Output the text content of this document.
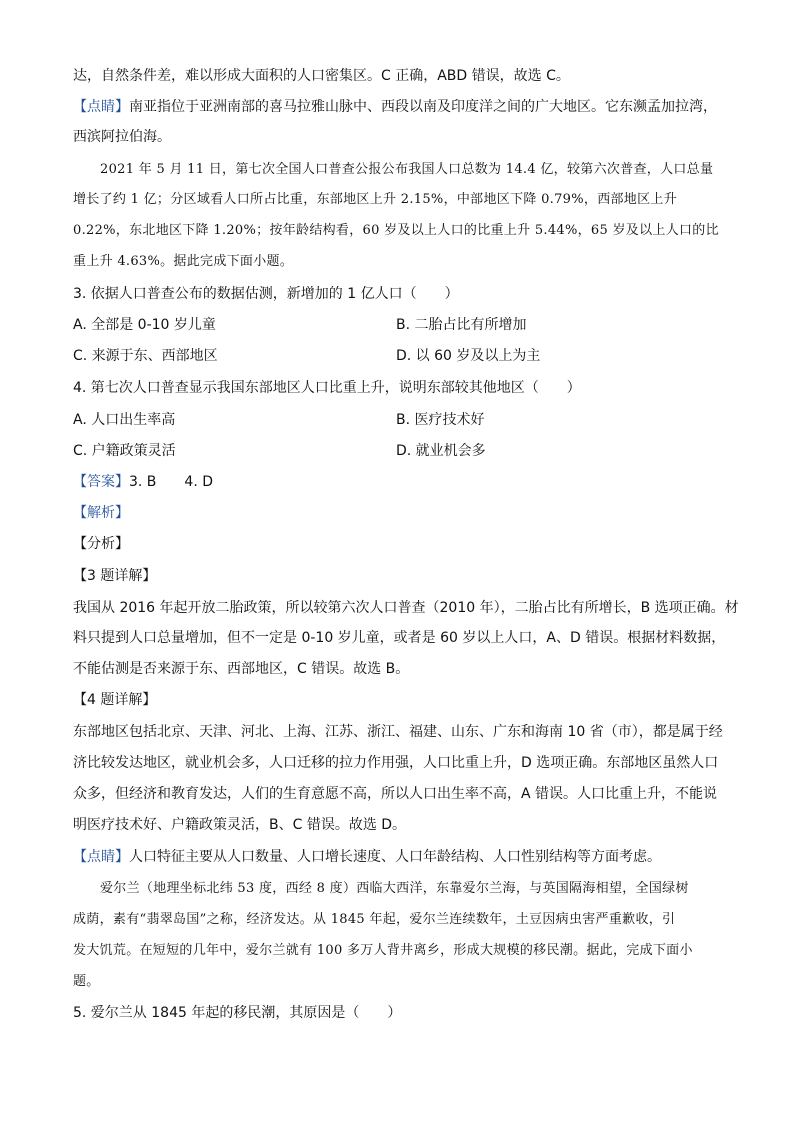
达，自然条件差，难以形成大面积的人口密集区。C 正确，ABD 错误，故选 C。
【点睛】南亚指位于亚洲南部的喜马拉雅山脉中、西段以南及印度洋之间的广大地区。它东濒孟加拉湾，
西滨阿拉伯海。
2021 年 5 月 11 日，第七次全国人口普查公报公布我国人口总数为 14.4 亿，较第六次普查，人口总量
增长了约 1 亿；分区域看人口所占比重，东部地区上升 2.15%，中部地区下降 0.79%，西部地区上升
0.22%，东北地区下降 1.20%；按年龄结构看，60 岁及以上人口的比重上升 5.44%，65 岁及以上人口的比
重上升 4.63%。据此完成下面小题。
3. 依据人口普查公布的数据估测，新增加的 1 亿人口（　　）
A. 全部是 0-10 岁儿童	B. 二胎占比有所增加
C. 来源于东、西部地区	D. 以 60 岁及以上为主
4. 第七次人口普查显示我国东部地区人口比重上升，说明东部较其他地区（　　）
A. 人口出生率高	B. 医疗技术好
C. 户籍政策灵活	D. 就业机会多
【答案】3. B　　4. D
【解析】
【分析】
【3 题详解】
我国从 2016 年起开放二胎政策，所以较第六次人口普查（2010 年），二胎占比有所增长，B 选项正确。材
料只提到人口总量增加，但不一定是 0-10 岁儿童，或者是 60 岁以上人口，A、D 错误。根据材料数据，
不能估测是否来源于东、西部地区，C 错误。故选 B。
【4 题详解】
东部地区包括北京、天津、河北、上海、江苏、浙江、福建、山东、广东和海南 10 省（市），都是属于经
济比较发达地区，就业机会多，人口迁移的拉力作用强，人口比重上升，D 选项正确。东部地区虽然人口
众多，但经济和教育发达，人们的生育意愿不高，所以人口出生率不高，A 错误。人口比重上升，不能说
明医疗技术好、户籍政策灵活，B、C 错误。故选 D。
【点睛】人口特征主要从人口数量、人口增长速度、人口年龄结构、人口性别结构等方面考虑。
爱尔兰（地理坐标北纬 53 度，西经 8 度）西临大西洋，东靠爱尔兰海，与英国隔海相望，全国绿树
成荫，素有“翡翠岛国”之称，经济发达。从 1845 年起，爱尔兰连续数年，土豆因病虫害严重歉收，引
发大饥荒。在短短的几年中，爱尔兰就有 100 多万人背井离乡，形成大规模的移民潮。据此，完成下面小
题。
5. 爱尔兰从 1845 年起的移民潮，其原因是（　　）
